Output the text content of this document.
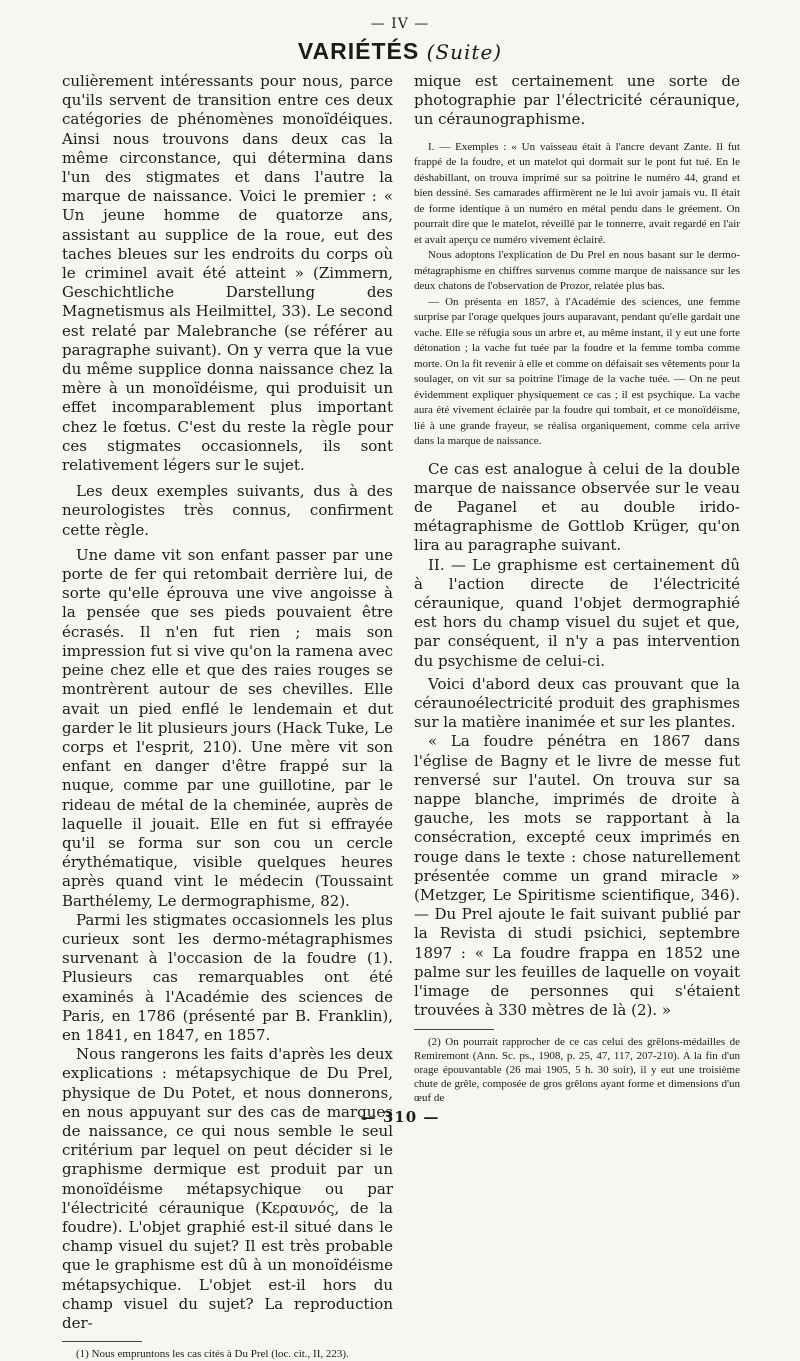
— IV —
VARIÉTÉS (Suite)

culièrement intéressants pour nous, parce qu'ils servent de transition entre ces deux catégories de phénomènes monoïdéiques. Ainsi nous trouvons dans deux cas la même circonstance, qui détermina dans l'un des stigmates et dans l'autre la marque de naissance. Voici le premier : « Un jeune homme de quatorze ans, assistant au supplice de la roue, eut des taches bleues sur les endroits du corps où le criminel avait été atteint » (Zimmern, Geschichtliche Darstellung des Magnetismus als Heilmittel, 33). Le second est relaté par Malebranche (se référer au paragraphe suivant). On y verra que la vue du même supplice donna naissance chez la mère à un monoïdéisme, qui produisit un effet incomparablement plus important chez le fœtus. C'est du reste la règle pour ces stigmates occasionnels, ils sont relativement légers sur le sujet.

Les deux exemples suivants, dus à des neurologistes très connus, confirment cette règle.

Une dame vit son enfant passer par une porte de fer qui retombait derrière lui, de sorte qu'elle éprouva une vive angoisse à la pensée que ses pieds pouvaient être écrasés. Il n'en fut rien ; mais son impression fut si vive qu'on la ramena avec peine chez elle et que des raies rouges se montrèrent autour de ses chevilles. Elle avait un pied enflé le lendemain et dut garder le lit plusieurs jours (Hack Tuke, Le corps et l'esprit, 210). Une mère vit son enfant en danger d'être frappé sur la nuque, comme par une guillotine, par le rideau de métal de la cheminée, auprès de laquelle il jouait. Elle en fut si effrayée qu'il se forma sur son cou un cercle érythématique, visible quelques heures après quand vint le médecin (Toussaint Barthélemy, Le dermographisme, 82).

Parmi les stigmates occasionnels les plus curieux sont les dermo-métagraphismes survenant à l'occasion de la foudre (1). Plusieurs cas remarquables ont été examinés à l'Académie des sciences de Paris, en 1786 (présenté par B. Franklin), en 1841, en 1847, en 1857.

Nous rangerons les faits d'après les deux explications : métapsychique de Du Prel, physique de Du Potet, et nous donnerons, en nous appuyant sur des cas de marques de naissance, ce qui nous semble le seul critérium par lequel on peut décider si le graphisme dermique est produit par un monoïdéisme métapsychique ou par l'électricité céraunique (Κεραυνός, de la foudre). L'objet graphié est-il situé dans le champ visuel du sujet? Il est très probable que le graphisme est dû à un monoïdéisme métapsychique. L'objet est-il hors du champ visuel du sujet? La reproduction der-

(1) Nous empruntons les cas cités à Du Prel (loc. cit., II, 223).

mique est certainement une sorte de photographie par l'électricité céraunique, un céraunographisme.

I. — Exemples : « Un vaisseau était à l'ancre devant Zante. Il fut frappé de la foudre, et un matelot qui dormait sur le pont fut tué. En le déshabillant, on trouva imprimé sur sa poitrine le numéro 44, grand et bien dessiné. Ses camarades affirmèrent ne le lui avoir jamais vu. Il était de forme identique à un numéro en métal pendu dans le gréement. On pourrait dire que le matelot, réveillé par le tonnerre, avait regardé en l'air et avait aperçu ce numéro vivement éclairé.

Nous adoptons l'explication de Du Prel en nous basant sur le dermo-métagraphisme en chiffres survenus comme marque de naissance sur les deux chatons de l'observation de Prozor, relatée plus bas.

— On présenta en 1857, à l'Académie des sciences, une femme surprise par l'orage quelques jours auparavant, pendant qu'elle gardait une vache. Elle se réfugia sous un arbre et, au même instant, il y eut une forte détonation ; la vache fut tuée par la foudre et la femme tomba comme morte. On la fit revenir à elle et comme on défaisait ses vêtements pour la soulager, on vit sur sa poitrine l'image de la vache tuée. — On ne peut évidemment expliquer physiquement ce cas ; il est psychique. La vache aura été vivement éclairée par la foudre qui tombait, et ce monoïdéisme, lié à une grande frayeur, se réalisa organiquement, comme cela arrive dans la marque de naissance.

Ce cas est analogue à celui de la double marque de naissance observée sur le veau de Paganel et au double irido-métagraphisme de Gottlob Krüger, qu'on lira au paragraphe suivant.

II. — Le graphisme est certainement dû à l'action directe de l'électricité céraunique, quand l'objet dermographié est hors du champ visuel du sujet et que, par conséquent, il n'y a pas intervention du psychisme de celui-ci.

Voici d'abord deux cas prouvant que la céraunoélectricité produit des graphismes sur la matière inanimée et sur les plantes.

« La foudre pénétra en 1867 dans l'église de Bagny et le livre de messe fut renversé sur l'autel. On trouva sur sa nappe blanche, imprimés de droite à gauche, les mots se rapportant à la consécration, excepté ceux imprimés en rouge dans le texte : chose naturellement présentée comme un grand miracle » (Metzger, Le Spiritisme scientifique, 346). — Du Prel ajoute le fait suivant publié par la Revista di studi psichici, septembre 1897 : « La foudre frappa en 1852 une palme sur les feuilles de laquelle on voyait l'image de personnes qui s'étaient trouvées à 330 mètres de là (2). »

(2) On pourrait rapprocher de ce cas celui des grêlons-médailles de Remiremont (Ann. Sc. ps., 1908, p. 25, 47, 117, 207-210). A la fin d'un orage épouvantable (26 mai 1905, 5 h. 30 soir), il y eut une troisième chute de grêle, composée de gros grêlons ayant forme et dimensions d'un œuf de

— 310 —
